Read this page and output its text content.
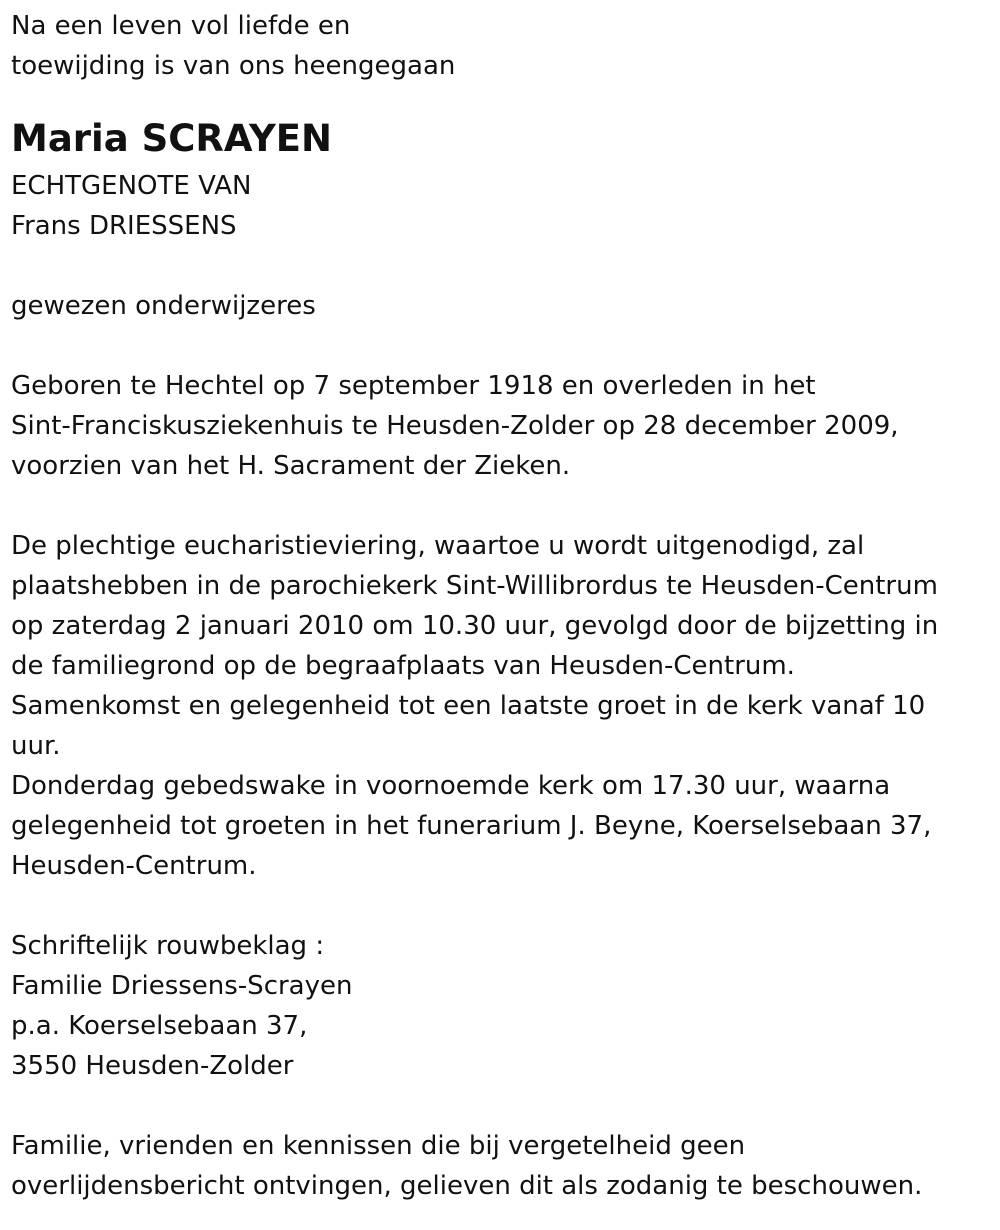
Na een leven vol liefde en
toewijding is van ons heengegaan
Maria SCRAYEN
ECHTGENOTE VAN
Frans DRIESSENS
gewezen onderwijzeres
Geboren te Hechtel op 7 september 1918 en overleden in het
Sint-Franciskusziekenhuis te Heusden-Zolder op 28 december 2009,
voorzien van het H. Sacrament der Zieken.
De plechtige eucharistieviering, waartoe u wordt uitgenodigd, zal
plaatshebben in de parochiekerk Sint-Willibrordus te Heusden-Centrum
op zaterdag 2 januari 2010 om 10.30 uur, gevolgd door de bijzetting in
de familiegrond op de begraafplaats van Heusden-Centrum.
Samenkomst en gelegenheid tot een laatste groet in de kerk vanaf 10
uur.
Donderdag gebedswake in voornoemde kerk om 17.30 uur, waarna
gelegenheid tot groeten in het funerarium J. Beyne, Koerselsebaan 37,
Heusden-Centrum.
Schriftelijk rouwbeklag :
Familie Driessens-Scrayen
p.a. Koerselsebaan 37,
3550 Heusden-Zolder
Familie, vrienden en kennissen die bij vergetelheid geen
overlijdensbericht ontvingen, gelieven dit als zodanig te beschouwen.
